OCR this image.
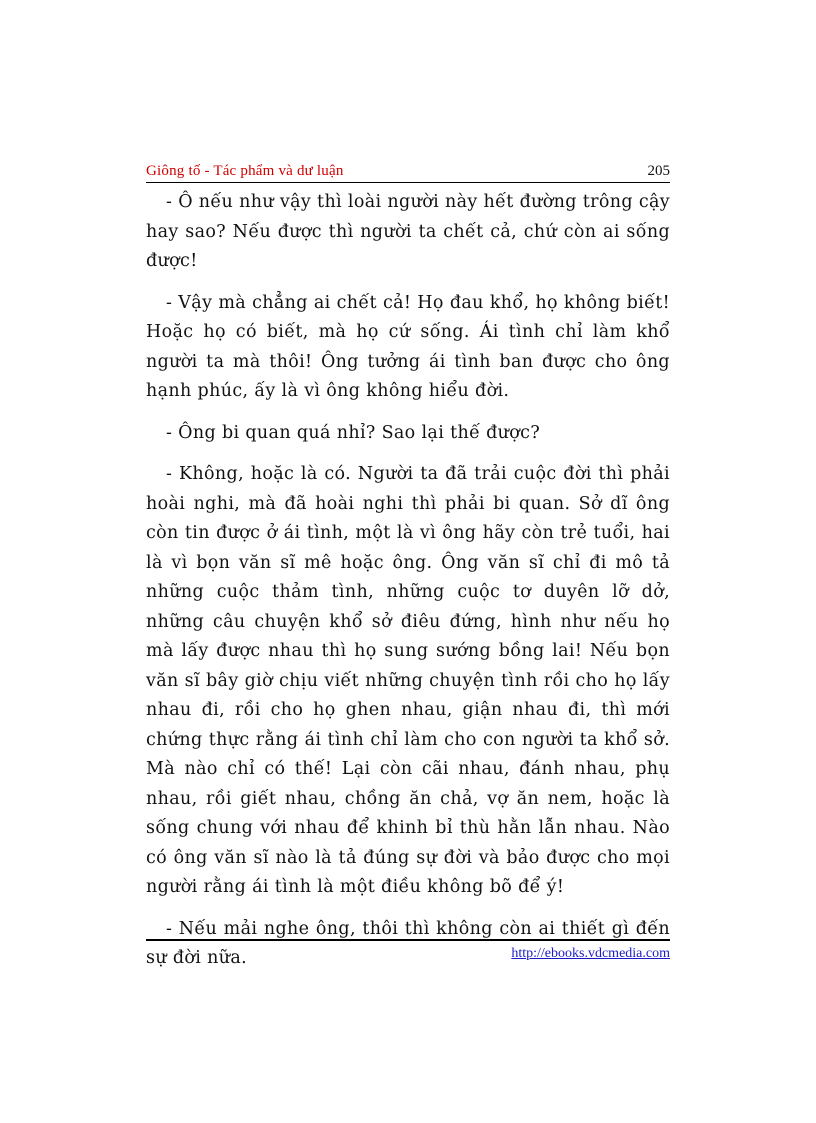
Giông tố - Tác phẩm và dư luận	205

- Ô nếu như vậy thì loài người này hết đường trông cậy hay sao? Nếu được thì người ta chết cả, chứ còn ai sống được!

- Vậy mà chẳng ai chết cả! Họ đau khổ, họ không biết! Hoặc họ có biết, mà họ cứ sống. Ái tình chỉ làm khổ người ta mà thôi! Ông tưởng ái tình ban được cho ông hạnh phúc, ấy là vì ông không hiểu đời.

- Ông bi quan quá nhỉ? Sao lại thế được?

- Không, hoặc là có. Người ta đã trải cuộc đời thì phải hoài nghi, mà đã hoài nghi thì phải bi quan. Sở dĩ ông còn tin được ở ái tình, một là vì ông hãy còn trẻ tuổi, hai là vì bọn văn sĩ mê hoặc ông. Ông văn sĩ chỉ đi mô tả những cuộc thảm tình, những cuộc tơ duyên lỡ dở, những câu chuyện khổ sở điêu đứng, hình như nếu họ mà lấy được nhau thì họ sung sướng bồng lai! Nếu bọn văn sĩ bây giờ chịu viết những chuyện tình rồi cho họ lấy nhau đi, rồi cho họ ghen nhau, giận nhau đi, thì mới chứng thực rằng ái tình chỉ làm cho con người ta khổ sở. Mà nào chỉ có thế! Lại còn cãi nhau, đánh nhau, phụ nhau, rồi giết nhau, chồng ăn chả, vợ ăn nem, hoặc là sống chung với nhau để khinh bỉ thù hằn lẫn nhau. Nào có ông văn sĩ nào là tả đúng sự đời và bảo được cho mọi người rằng ái tình là một điều không bõ để ý!

- Nếu mải nghe ông, thôi thì không còn ai thiết gì đến sự đời nữa.	http://ebooks.vdcmedia.com
